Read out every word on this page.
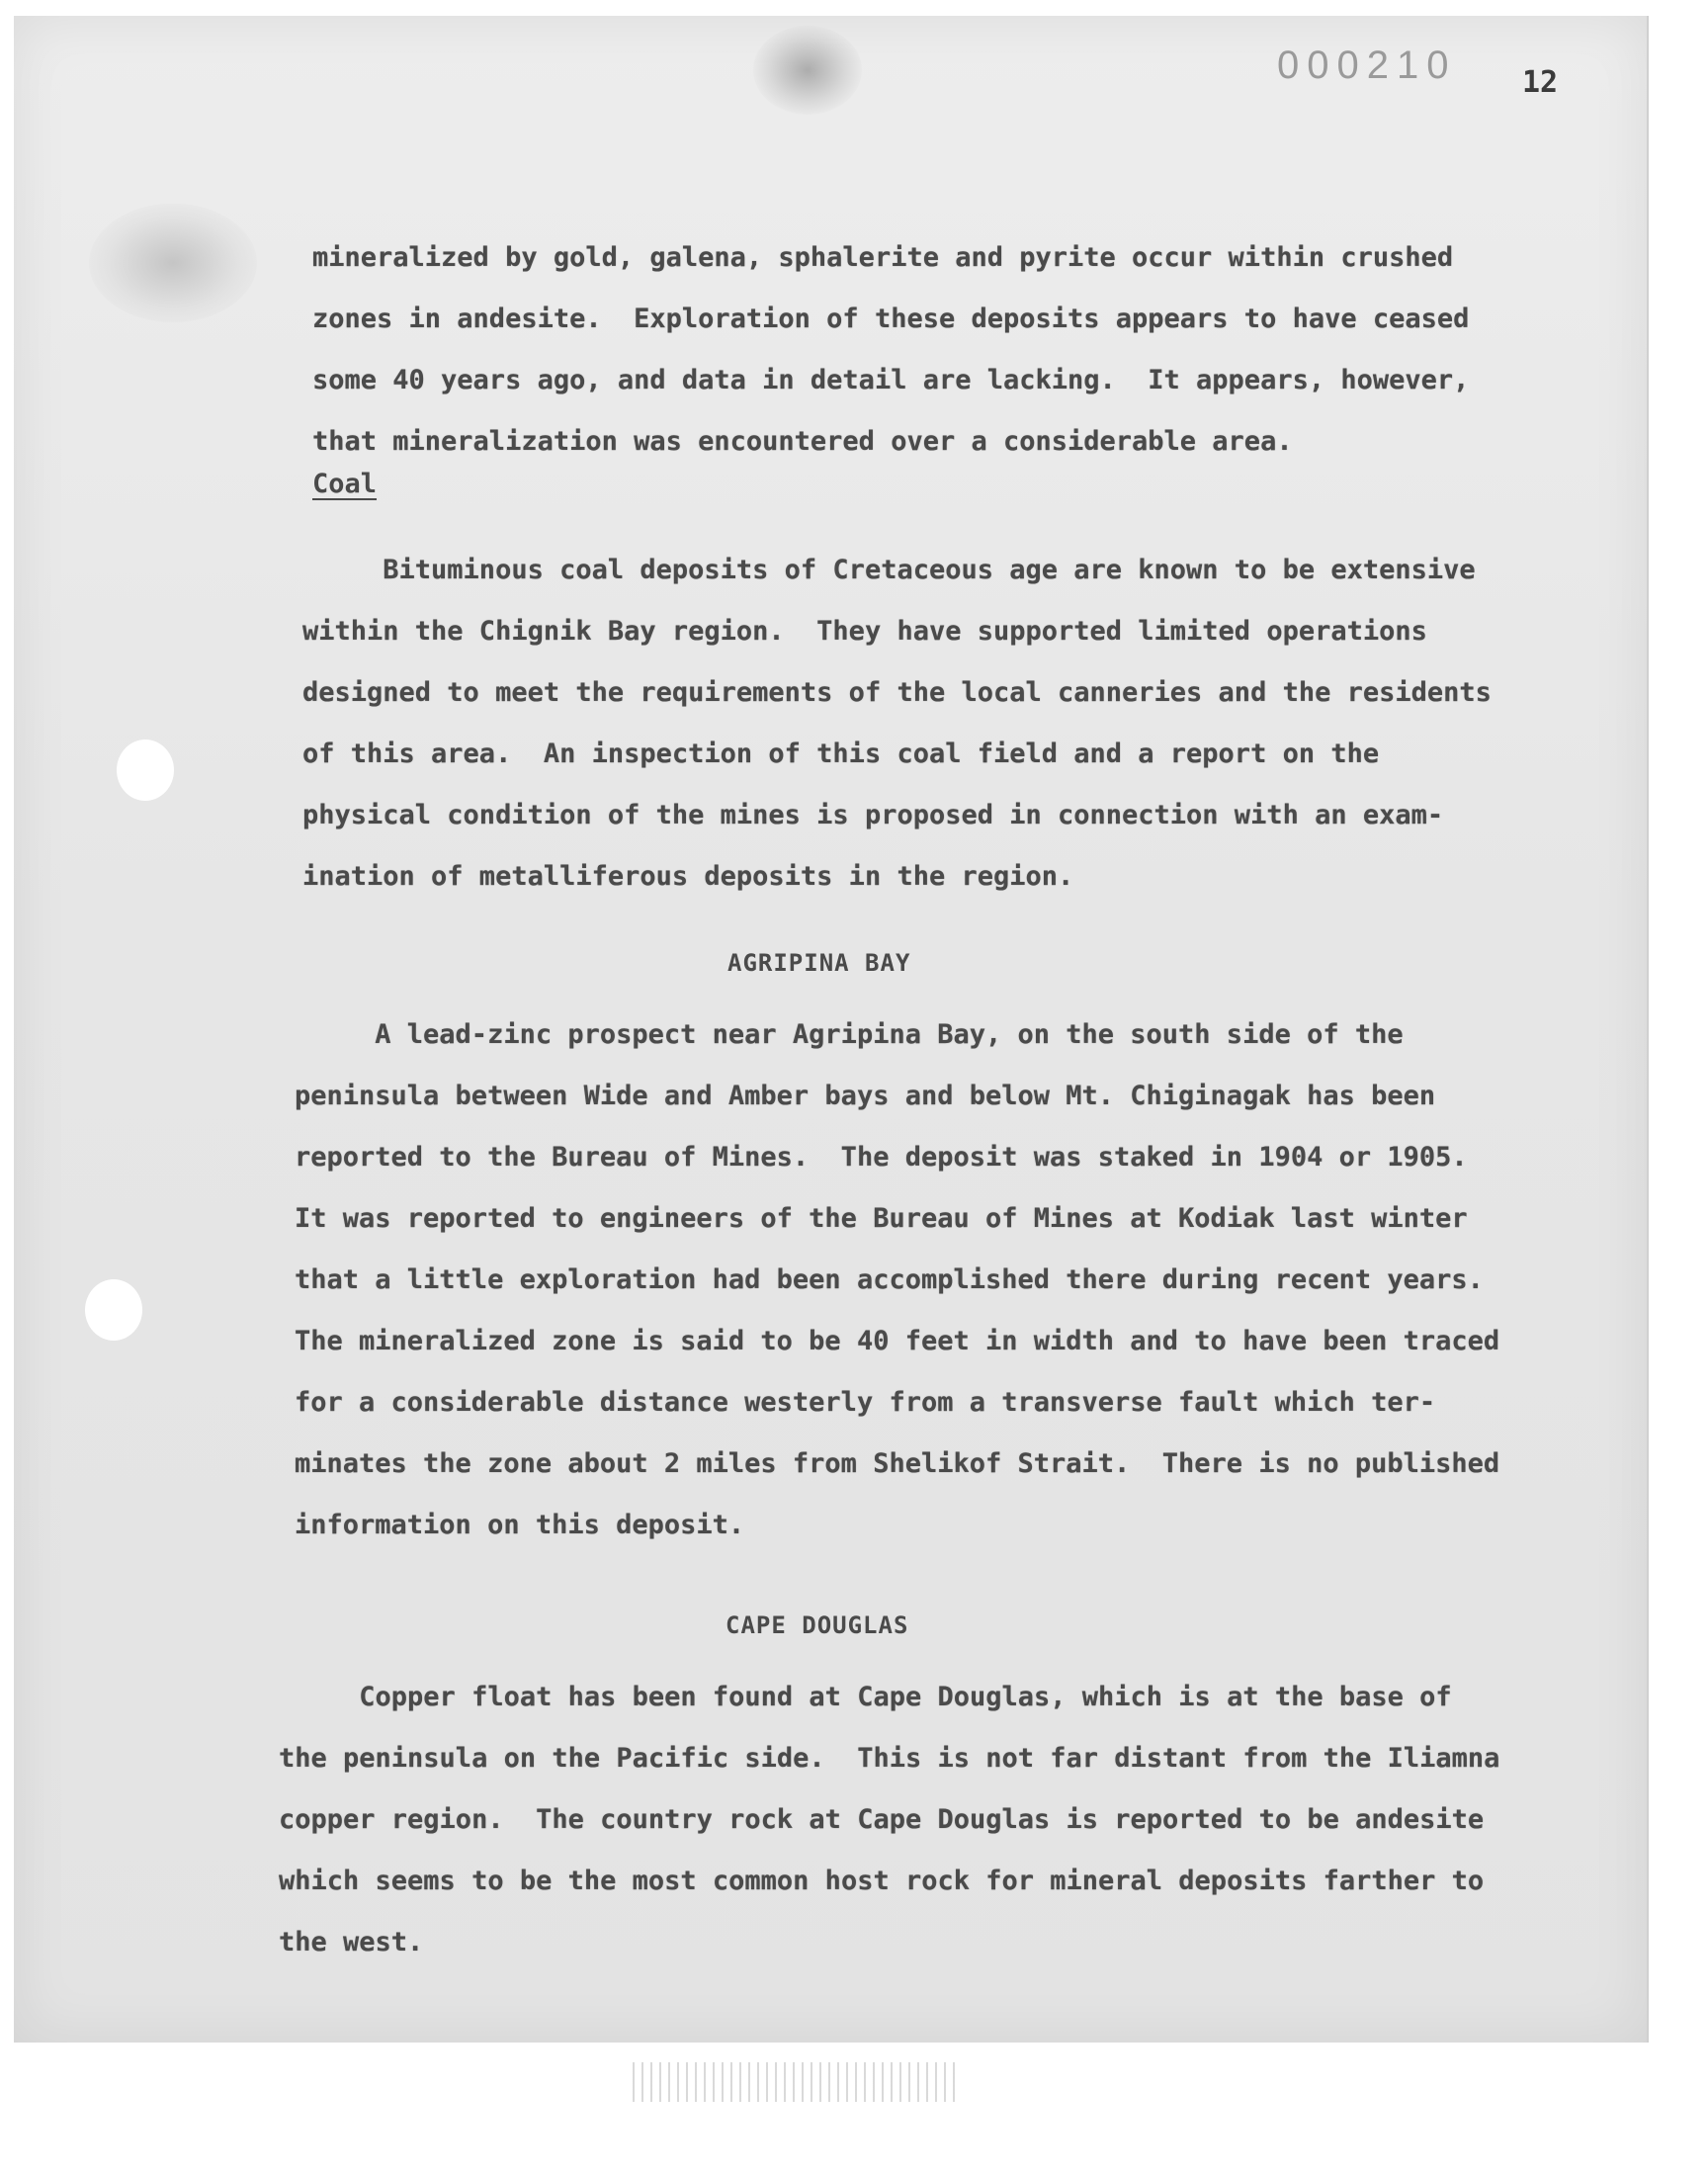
000210 12
mineralized by gold, galena, sphalerite and pyrite occur within crushed
zones in andesite.  Exploration of these deposits appears to have ceased
some 40 years ago, and data in detail are lacking.  It appears, however,
that mineralization was encountered over a considerable area.
Coal
Bituminous coal deposits of Cretaceous age are known to be extensive
within the Chignik Bay region.  They have supported limited operations
designed to meet the requirements of the local canneries and the residents
of this area.  An inspection of this coal field and a report on the
physical condition of the mines is proposed in connection with an exam-
ination of metalliferous deposits in the region.
AGRIPINA BAY
A lead-zinc prospect near Agripina Bay, on the south side of the
peninsula between Wide and Amber bays and below Mt. Chiginagak has been
reported to the Bureau of Mines.  The deposit was staked in 1904 or 1905.
It was reported to engineers of the Bureau of Mines at Kodiak last winter
that a little exploration had been accomplished there during recent years.
The mineralized zone is said to be 40 feet in width and to have been traced
for a considerable distance westerly from a transverse fault which ter-
minates the zone about 2 miles from Shelikof Strait.  There is no published
information on this deposit.
CAPE DOUGLAS
Copper float has been found at Cape Douglas, which is at the base of
the peninsula on the Pacific side.  This is not far distant from the Iliamna
copper region.  The country rock at Cape Douglas is reported to be andesite
which seems to be the most common host rock for mineral deposits farther to
the west.
